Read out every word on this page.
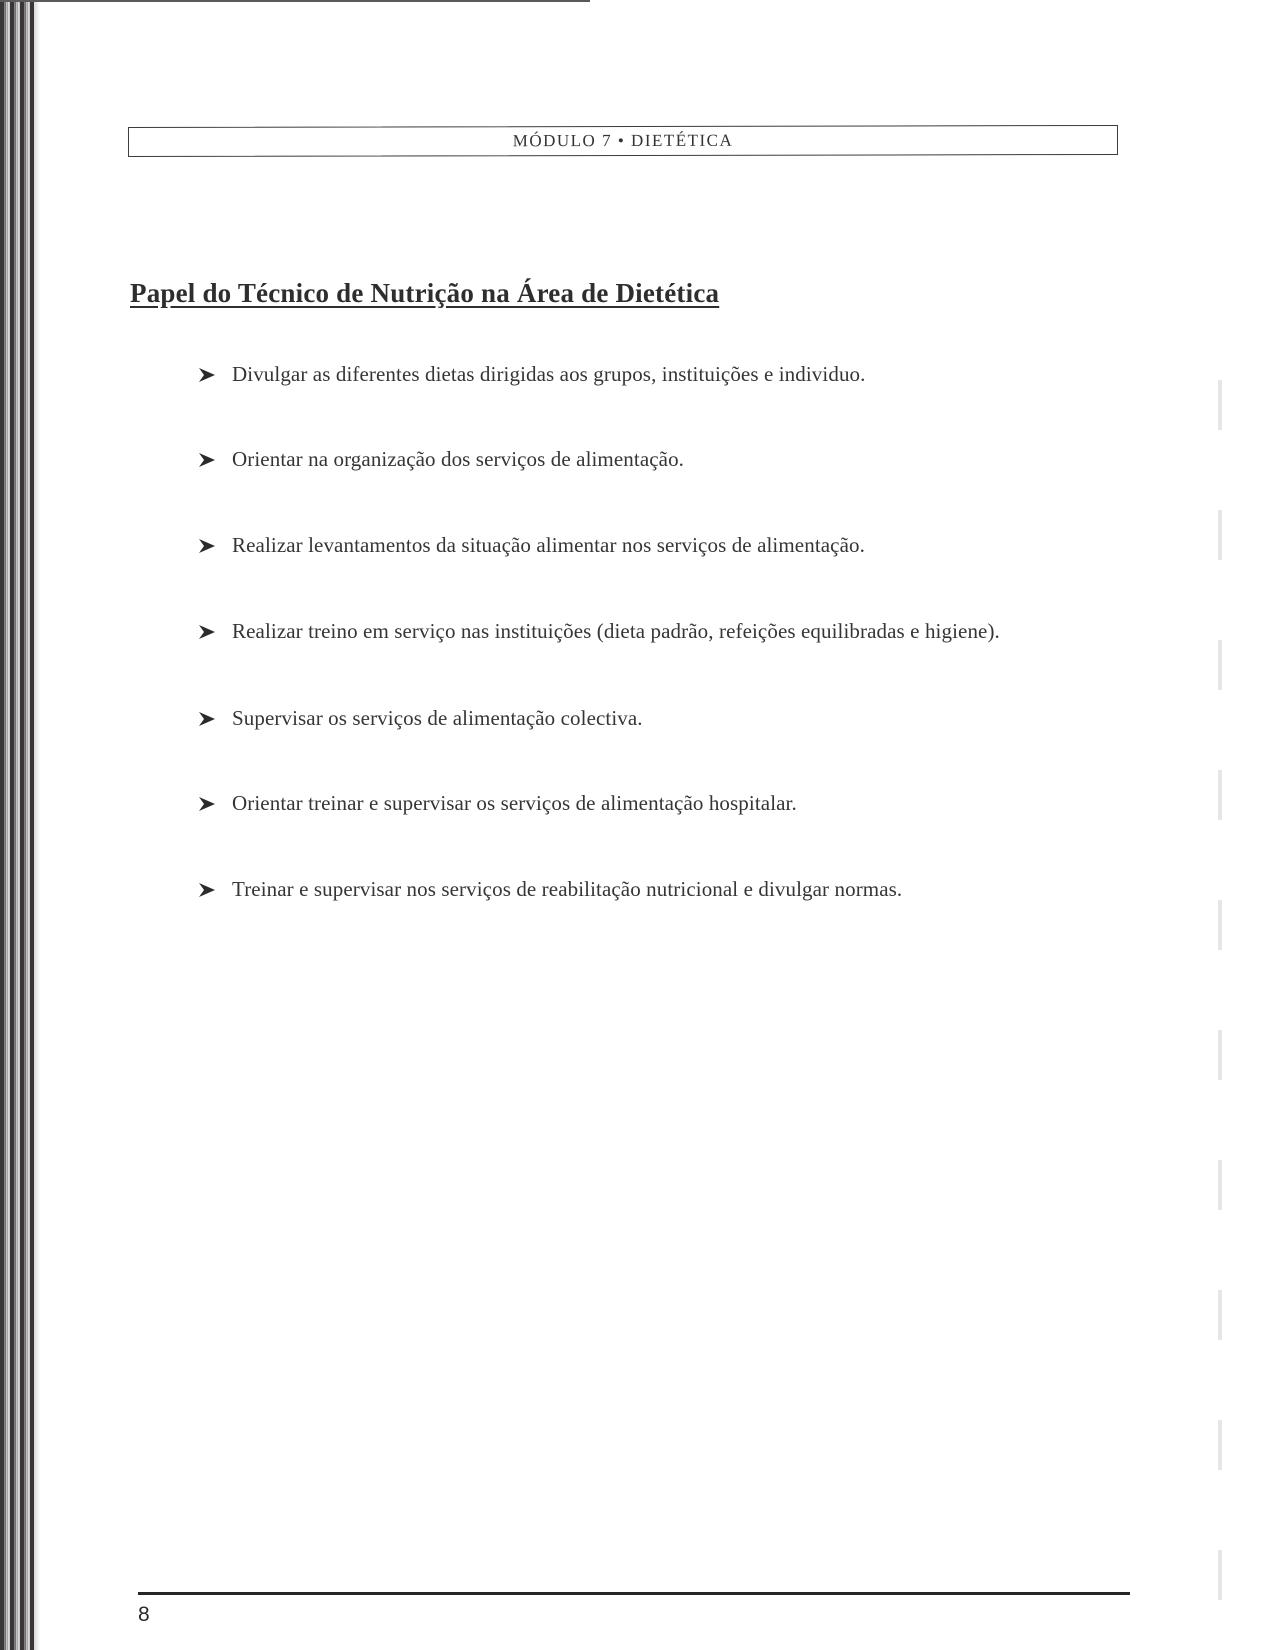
MÓDULO 7 • DIETÉTICA
Papel do Técnico de Nutrição na Área de Dietética
Divulgar as diferentes dietas dirigidas aos grupos, instituições e individuo.
Orientar na organização dos serviços de alimentação.
Realizar levantamentos da situação alimentar nos serviços de alimentação.
Realizar treino em serviço nas instituições (dieta padrão, refeições equilibradas e higiene).
Supervisar os serviços de alimentação colectiva.
Orientar treinar e supervisar os serviços de alimentação hospitalar.
Treinar e supervisar nos serviços de reabilitação nutricional e divulgar normas.
8
